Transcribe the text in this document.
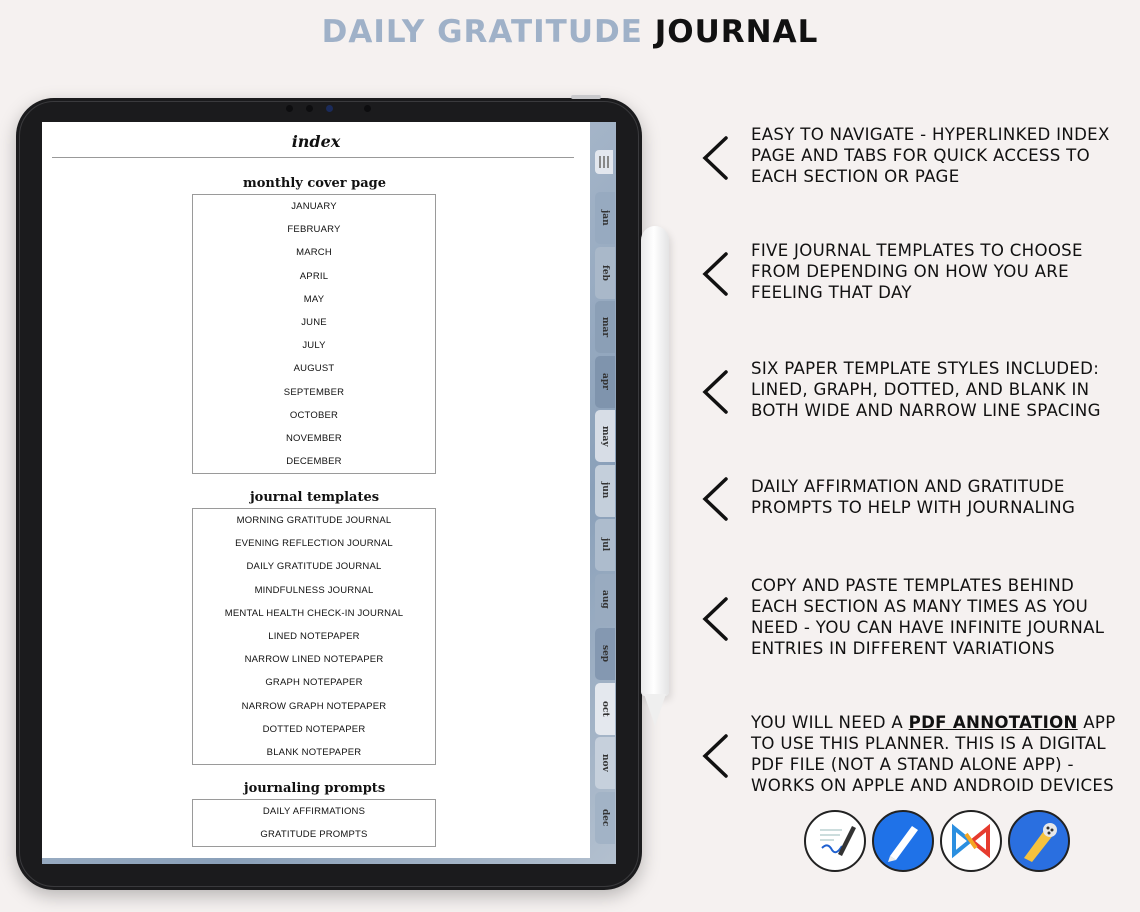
DAILY GRATITUDE JOURNAL
index
monthly cover page
JANUARY
FEBRUARY
MARCH
APRIL
MAY
JUNE
JULY
AUGUST
SEPTEMBER
OCTOBER
NOVEMBER
DECEMBER
journal templates
MORNING GRATITUDE JOURNAL
EVENING REFLECTION JOURNAL
DAILY GRATITUDE JOURNAL
MINDFULNESS JOURNAL
MENTAL HEALTH CHECK-IN JOURNAL
LINED NOTEPAPER
NARROW LINED NOTEPAPER
GRAPH NOTEPAPER
NARROW GRAPH NOTEPAPER
DOTTED NOTEPAPER
BLANK NOTEPAPER
journaling prompts
DAILY AFFIRMATIONS
GRATITUDE PROMPTS
jan
feb
mar
apr
may
jun
jul
aug
sep
oct
nov
dec
EASY TO NAVIGATE - HYPERLINKED INDEX
PAGE AND TABS FOR QUICK ACCESS TO
EACH SECTION OR PAGE
FIVE JOURNAL TEMPLATES TO CHOOSE
FROM DEPENDING ON HOW YOU ARE
FEELING THAT DAY
SIX PAPER TEMPLATE STYLES INCLUDED:
LINED, GRAPH, DOTTED, AND BLANK IN
BOTH WIDE AND NARROW LINE SPACING
DAILY AFFIRMATION AND GRATITUDE
PROMPTS TO HELP WITH JOURNALING
COPY AND PASTE TEMPLATES BEHIND
EACH SECTION AS MANY TIMES AS YOU
NEED - YOU CAN HAVE INFINITE JOURNAL
ENTRIES IN DIFFERENT VARIATIONS
YOU WILL NEED A PDF ANNOTATION APP
TO USE THIS PLANNER. THIS IS A DIGITAL
PDF FILE (NOT A STAND ALONE APP) -
WORKS ON APPLE AND ANDROID DEVICES
